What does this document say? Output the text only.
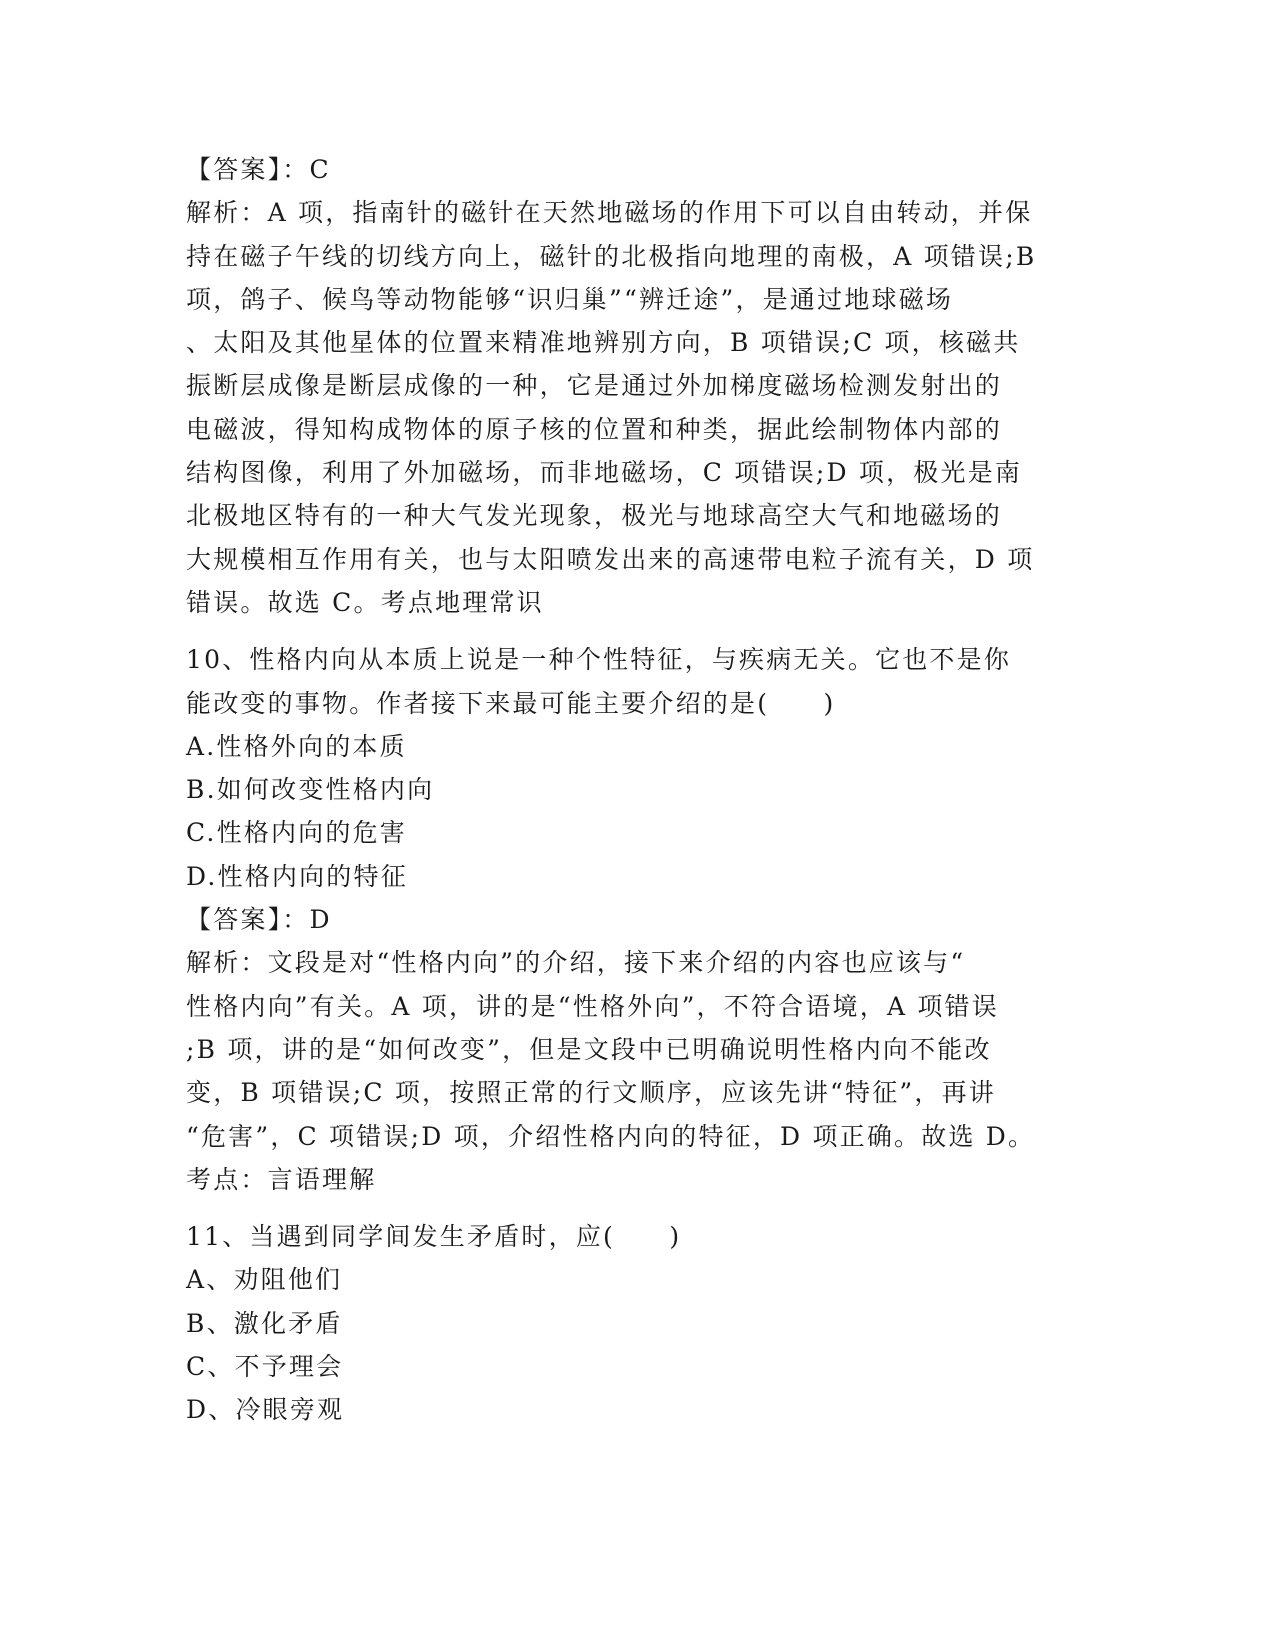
【答案】：C
解析：A 项，指南针的磁针在天然地磁场的作用下可以自由转动，并保
持在磁子午线的切线方向上，磁针的北极指向地理的南极，A 项错误;B
项，鸽子、候鸟等动物能够“识归巢”“辨迁途”，是通过地球磁场
、太阳及其他星体的位置来精准地辨别方向，B 项错误;C 项，核磁共
振断层成像是断层成像的一种，它是通过外加梯度磁场检测发射出的
电磁波，得知构成物体的原子核的位置和种类，据此绘制物体内部的
结构图像，利用了外加磁场，而非地磁场，C 项错误;D 项，极光是南
北极地区特有的一种大气发光现象，极光与地球高空大气和地磁场的
大规模相互作用有关，也与太阳喷发出来的高速带电粒子流有关，D 项
错误。故选 C。考点地理常识
10、性格内向从本质上说是一种个性特征，与疾病无关。它也不是你
能改变的事物。作者接下来最可能主要介绍的是(　　)
A.性格外向的本质
B.如何改变性格内向
C.性格内向的危害
D.性格内向的特征
【答案】：D
解析：文段是对“性格内向”的介绍，接下来介绍的内容也应该与“
性格内向”有关。A 项，讲的是“性格外向”，不符合语境，A 项错误
;B 项，讲的是“如何改变”，但是文段中已明确说明性格内向不能改
变，B 项错误;C 项，按照正常的行文顺序，应该先讲“特征”，再讲
“危害”，C 项错误;D 项，介绍性格内向的特征，D 项正确。故选 D。
考点：言语理解
11、当遇到同学间发生矛盾时，应(　　)
A、劝阻他们
B、激化矛盾
C、不予理会
D、冷眼旁观
